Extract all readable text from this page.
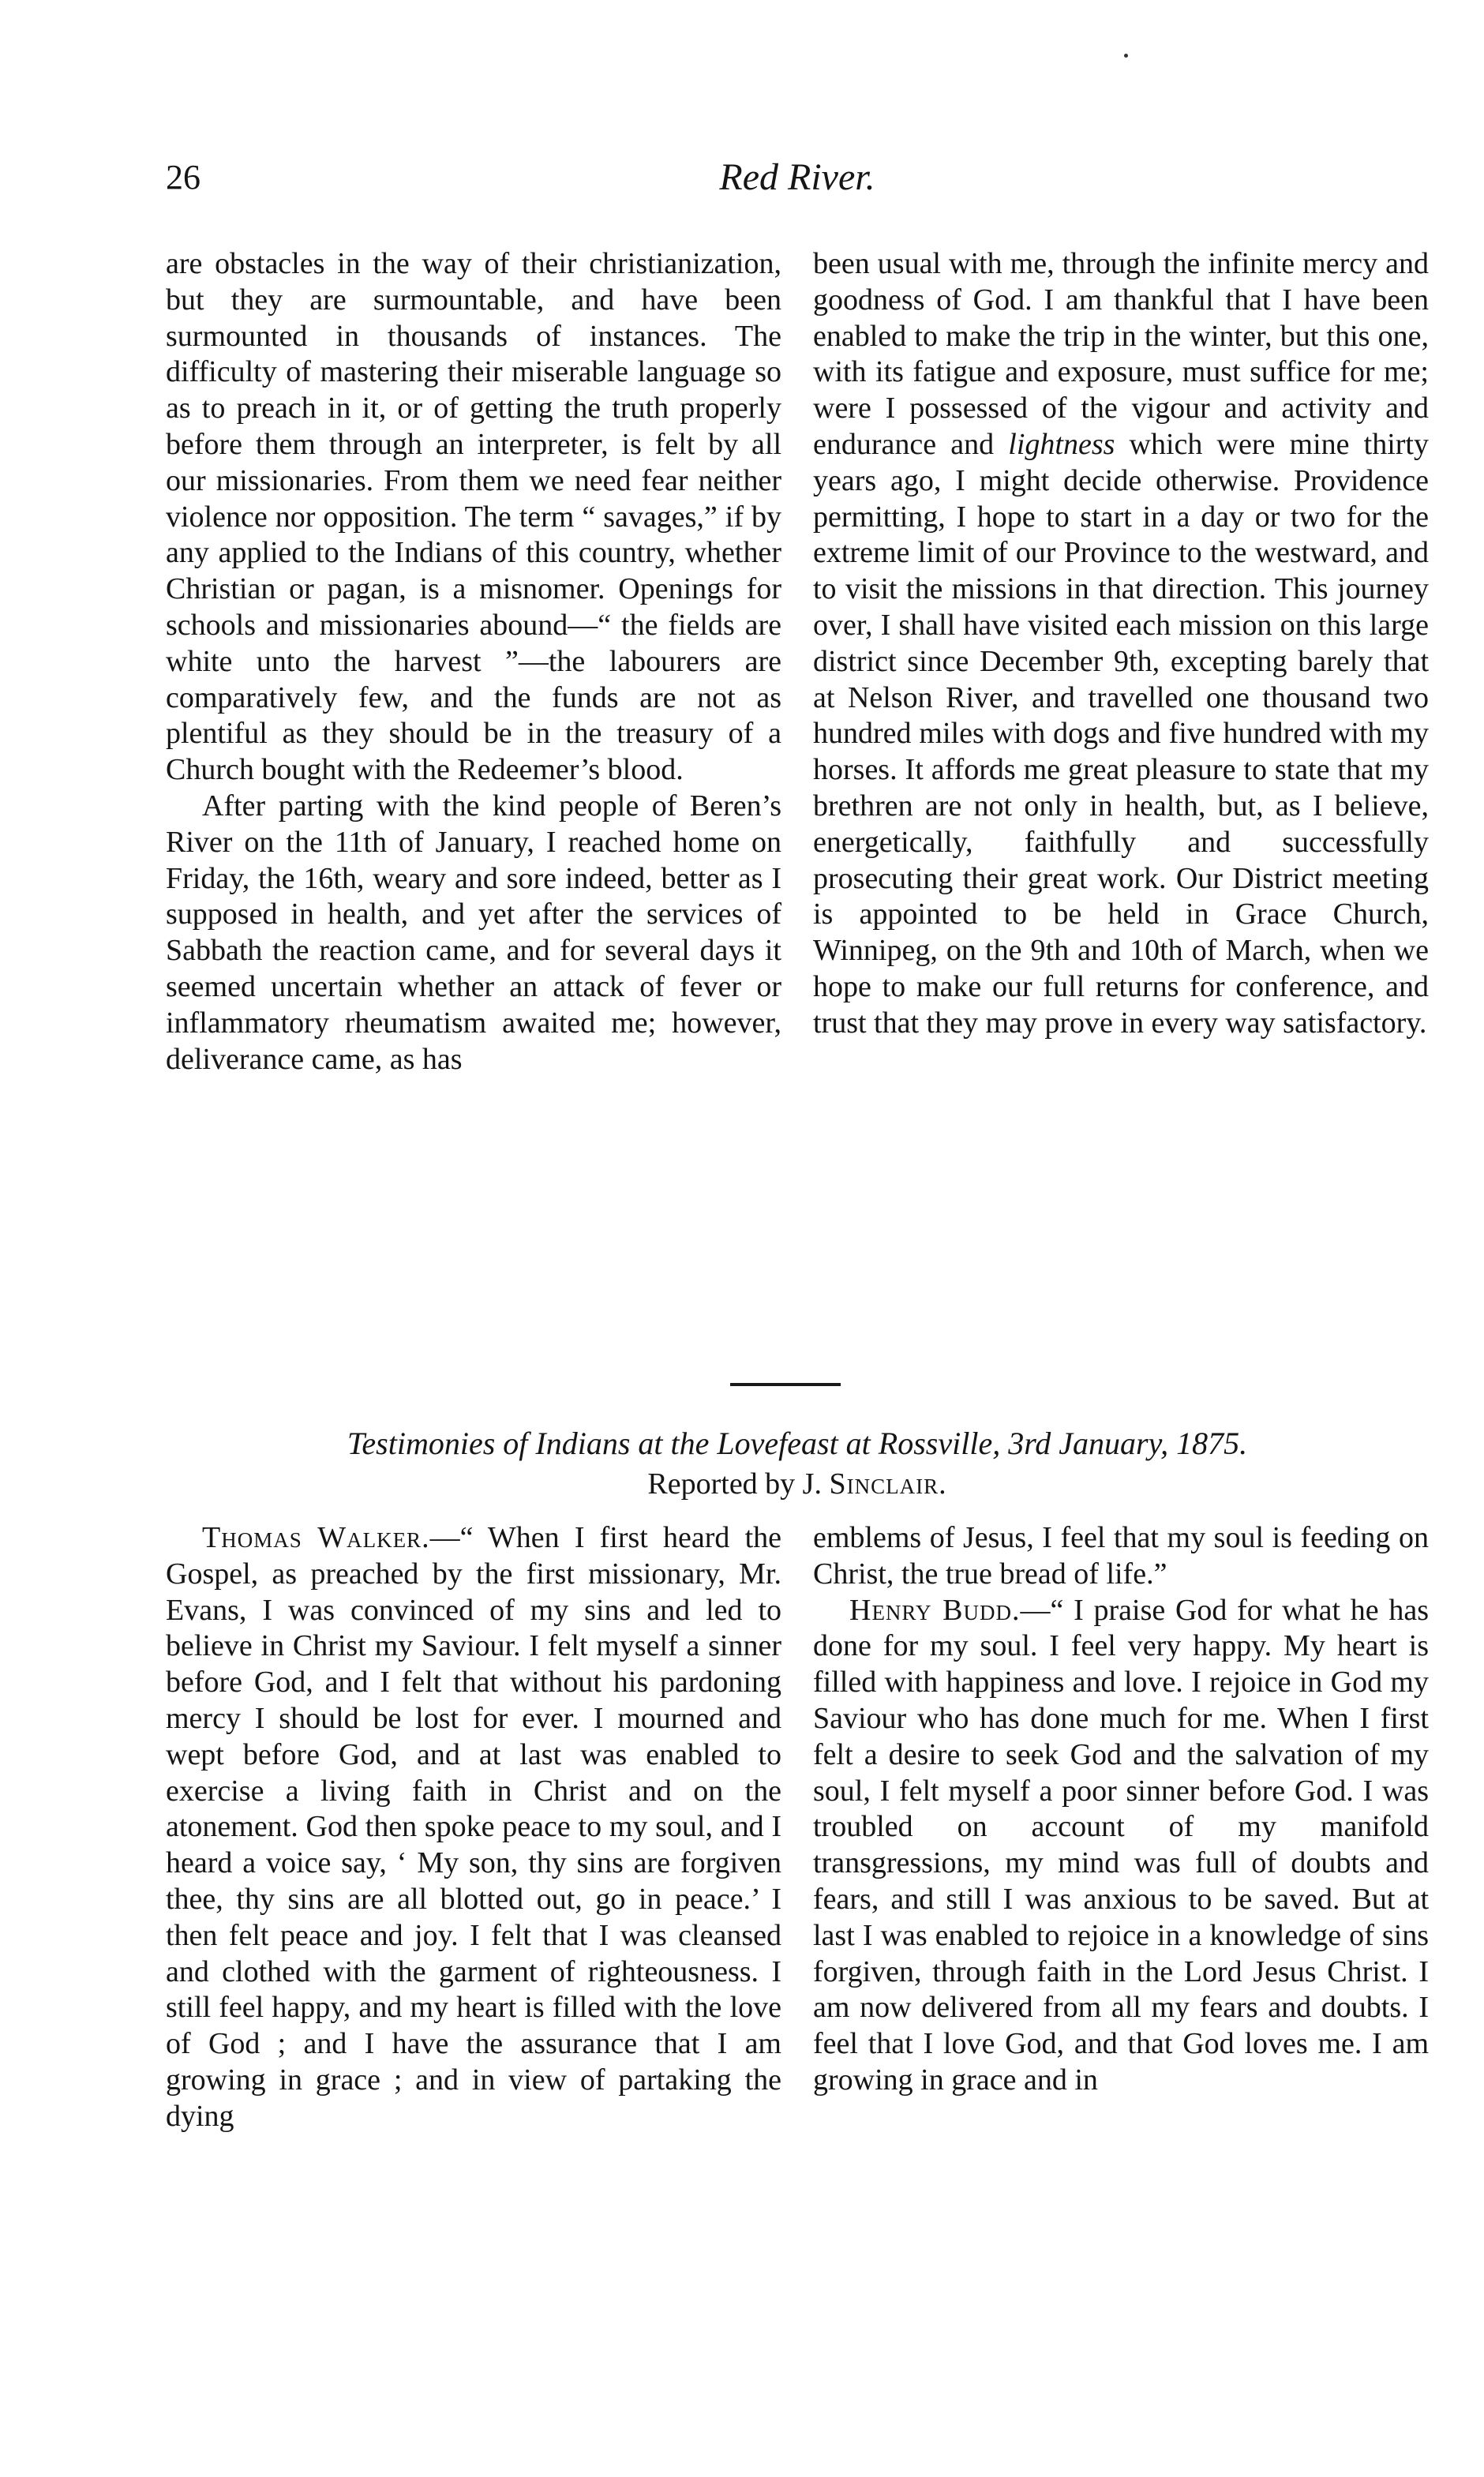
26	Red River.

are obstacles in the way of their christianization, but they are surmountable, and have been surmounted in thousands of instances. The difficulty of mastering their miserable language so as to preach in it, or of getting the truth properly before them through an interpreter, is felt by all our missionaries. From them we need fear neither violence nor opposition. The term “ savages,” if by any applied to the Indians of this country, whether Christian or pagan, is a misnomer. Openings for schools and missionaries abound—“ the fields are white unto the harvest ”—the labourers are comparatively few, and the funds are not as plentiful as they should be in the treasury of a Church bought with the Redeemer’s blood.

After parting with the kind people of Beren’s River on the 11th of January, I reached home on Friday, the 16th, weary and sore indeed, better as I supposed in health, and yet after the services of Sabbath the reaction came, and for several days it seemed uncertain whether an attack of fever or inflammatory rheumatism awaited me; however, deliverance came, as has

been usual with me, through the infinite mercy and goodness of God. I am thankful that I have been enabled to make the trip in the winter, but this one, with its fatigue and exposure, must suffice for me; were I possessed of the vigour and activity and endurance and lightness which were mine thirty years ago, I might decide otherwise. Providence permitting, I hope to start in a day or two for the extreme limit of our Province to the westward, and to visit the missions in that direction. This journey over, I shall have visited each mission on this large district since December 9th, excepting barely that at Nelson River, and travelled one thousand two hundred miles with dogs and five hundred with my horses. It affords me great pleasure to state that my brethren are not only in health, but, as I believe, energetically, faithfully and successfully prosecuting their great work. Our District meeting is appointed to be held in Grace Church, Winnipeg, on the 9th and 10th of March, when we hope to make our full returns for conference, and trust that they may prove in every way satisfactory.

Testimonies of Indians at the Lovefeast at Rossville, 3rd January, 1875.
Reported by J. Sinclair.

Thomas Walker.—“ When I first heard the Gospel, as preached by the first missionary, Mr. Evans, I was convinced of my sins and led to believe in Christ my Saviour. I felt myself a sinner before God, and I felt that without his pardoning mercy I should be lost for ever. I mourned and wept before God, and at last was enabled to exercise a living faith in Christ and on the atonement. God then spoke peace to my soul, and I heard a voice say, ‘ My son, thy sins are forgiven thee, thy sins are all blotted out, go in peace.’ I then felt peace and joy. I felt that I was cleansed and clothed with the garment of righteousness. I still feel happy, and my heart is filled with the love of God ; and I have the assurance that I am growing in grace ; and in view of partaking the dying

emblems of Jesus, I feel that my soul is feeding on Christ, the true bread of life.”

Henry Budd.—“ I praise God for what he has done for my soul. I feel very happy. My heart is filled with happiness and love. I rejoice in God my Saviour who has done much for me. When I first felt a desire to seek God and the salvation of my soul, I felt myself a poor sinner before God. I was troubled on account of my manifold transgressions, my mind was full of doubts and fears, and still I was anxious to be saved. But at last I was enabled to rejoice in a knowledge of sins forgiven, through faith in the Lord Jesus Christ. I am now delivered from all my fears and doubts. I feel that I love God, and that God loves me. I am growing in grace and in
